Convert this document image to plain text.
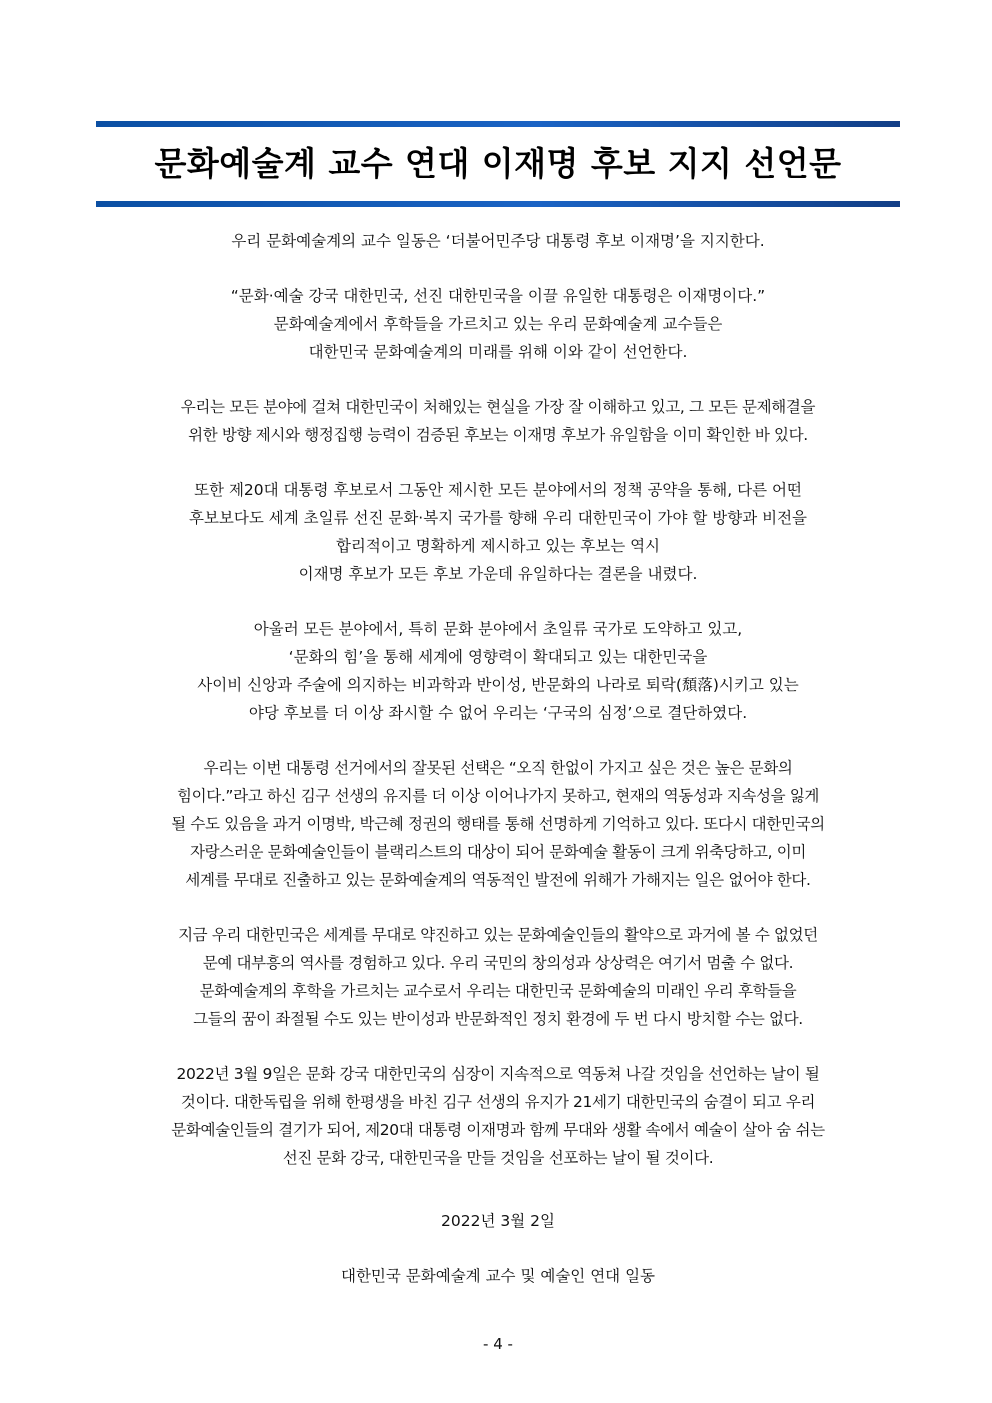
문화예술계 교수 연대 이재명 후보 지지 선언문
우리 문화예술계의 교수 일동은 ‘더불어민주당 대통령 후보 이재명’을 지지한다.
“문화·예술 강국 대한민국, 선진 대한민국을 이끌 유일한 대통령은 이재명이다.”
문화예술계에서 후학들을 가르치고 있는 우리 문화예술계 교수들은
대한민국 문화예술계의 미래를 위해 이와 같이 선언한다.
우리는 모든 분야에 걸쳐 대한민국이 처해있는 현실을 가장 잘 이해하고 있고, 그 모든 문제해결을
위한 방향 제시와 행정집행 능력이 검증된 후보는 이재명 후보가 유일함을 이미 확인한 바 있다.
또한 제20대 대통령 후보로서 그동안 제시한 모든 분야에서의 정책 공약을 통해, 다른 어떤
후보보다도 세계 초일류 선진 문화·복지 국가를 향해 우리 대한민국이 가야 할 방향과 비전을
합리적이고 명확하게 제시하고 있는 후보는 역시
이재명 후보가 모든 후보 가운데 유일하다는 결론을 내렸다.
아울러 모든 분야에서, 특히 문화 분야에서 초일류 국가로 도약하고 있고,
‘문화의 힘’을 통해 세계에 영향력이 확대되고 있는 대한민국을
사이비 신앙과 주술에 의지하는 비과학과 반이성, 반문화의 나라로 퇴락(頹落)시키고 있는
야당 후보를 더 이상 좌시할 수 없어 우리는 ‘구국의 심정’으로 결단하였다.
우리는 이번 대통령 선거에서의 잘못된 선택은 “오직 한없이 가지고 싶은 것은 높은 문화의
힘이다.”라고 하신 김구 선생의 유지를 더 이상 이어나가지 못하고, 현재의 역동성과 지속성을 잃게
될 수도 있음을 과거 이명박, 박근혜 정권의 행태를 통해 선명하게 기억하고 있다. 또다시 대한민국의
자랑스러운 문화예술인들이 블랙리스트의 대상이 되어 문화예술 활동이 크게 위축당하고, 이미
세계를 무대로 진출하고 있는 문화예술계의 역동적인 발전에 위해가 가해지는 일은 없어야 한다.
지금 우리 대한민국은 세계를 무대로 약진하고 있는 문화예술인들의 활약으로 과거에 볼 수 없었던
문예 대부흥의 역사를 경험하고 있다. 우리 국민의 창의성과 상상력은 여기서 멈출 수 없다.
문화예술계의 후학을 가르치는 교수로서 우리는 대한민국 문화예술의 미래인 우리 후학들을
그들의 꿈이 좌절될 수도 있는 반이성과 반문화적인 정치 환경에 두 번 다시 방치할 수는 없다.
2022년 3월 9일은 문화 강국 대한민국의 심장이 지속적으로 역동쳐 나갈 것임을 선언하는 날이 될
것이다. 대한독립을 위해 한평생을 바친 김구 선생의 유지가 21세기 대한민국의 숨결이 되고 우리
문화예술인들의 결기가 되어, 제20대 대통령 이재명과 함께 무대와 생활 속에서 예술이 살아 숨 쉬는
선진 문화 강국, 대한민국을 만들 것임을 선포하는 날이 될 것이다.
2022년 3월 2일
대한민국 문화예술계 교수 및 예술인 연대 일동
- 4 -
